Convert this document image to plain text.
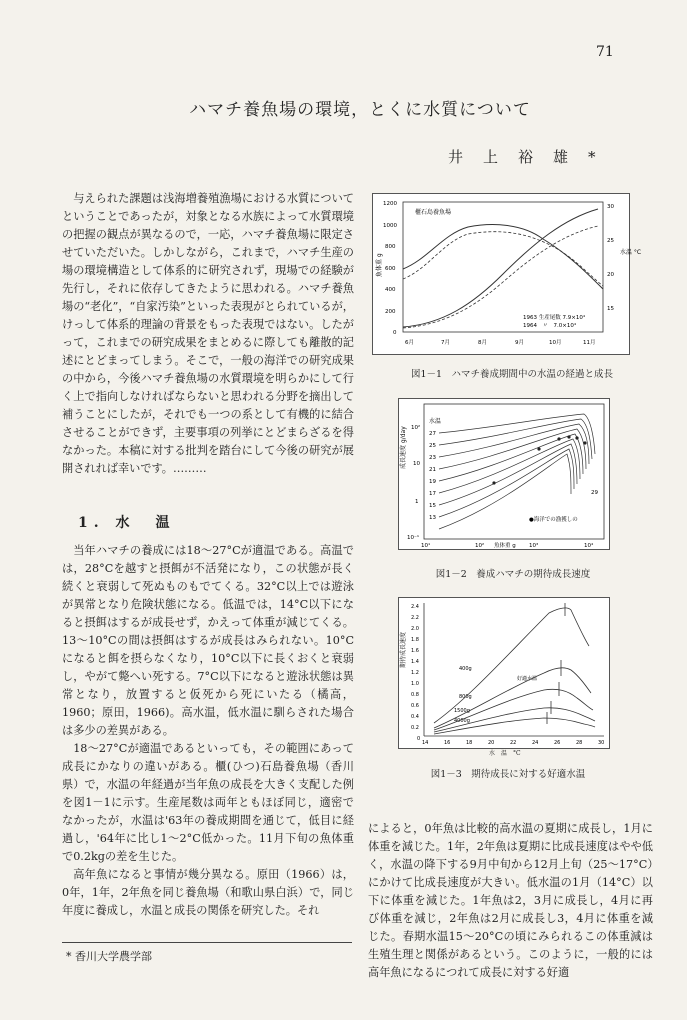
71
ハマチ養魚場の環境，とくに水質について
井上裕雄*

与えられた課題は浅海増養殖漁場における水質についてということであったが，対象となる水族によって水質環境の把握の観点が異なるので，一応，ハマチ養魚場に限定させていただいた。しかしながら，これまで，ハマチ生産の場の環境構造として体系的に研究されず，現場での経験が先行し，それに依存してきたように思われる。ハマチ養魚場の“老化”，“自家汚染”といった表現がとられているが，けっして体系的理論の背景をもった表現ではない。したがって，これまでの研究成果をまとめるに際しても離散的記述にとどまってしまう。そこで，一般の海洋での研究成果の中から，今後ハマチ養魚場の水質環境を明らかにして行く上で指向しなければならないと思われる分野を摘出して補うことにしたが，それでも一つの系として有機的に結合させることができず，主要事項の列挙にとどまらざるを得なかった。本稿に対する批判を踏台にして今後の研究が展開されれば幸いです。………

1. 水　温

当年ハマチの養成には18～27°Cが適温である。高温では，28°Cを越すと摂餌が不活発になり，この状態が長く続くと衰弱して死ぬものもでてくる。32°C以上では遊泳が異常となり危険状態になる。低温では，14°C以下になると摂餌はするが成長せず，かえって体重が減じてくる。13～10°Cの間は摂餌はするが成長はみられない。10°Cになると餌を摂らなくなり，10°C以下に長くおくと衰弱し，やがて斃へい死する。7°C以下になると遊泳状態は異常となり，放置すると仮死から死にいたる（橘高，1960；原田，1966)。高水温，低水温に馴らされた場合は多少の差異がある。

18～27°Cが適温であるといっても，その範囲にあって成長にかなりの違いがある。櫃(ひつ)石島養魚場（香川県）で，水温の年経過が当年魚の成長を大きく支配した例を図1－1に示す。生産尾数は両年ともほぼ同じ，適密でなかったが，水温は'63年の養成期間を通じて，低目に経過し，'64年に比し1～2°C低かった。11月下旬の魚体重で0.2kgの差を生じた。

高年魚になると事情が幾分異なる。原田（1966）は，0年，1年，2年魚を同じ養魚場（和歌山県白浜）で，同じ年度に養成し，水温と成長の関係を研究した。それ

* 香川大学農学部
櫃石島養魚場
魚体重 g
水温 °C
1200
1000
800
600
400
200
0
30
25
20
15
6月	7月	8月	9月	10月	11月
1963 生産尾数 7.9×10⁴
1964　〃　7.0×10⁴
図1－1　ハマチ養成期間中の水温の経過と成長
成長速度 g/day
水温
10²
10
1
10⁻¹
10¹	10²	10³	10⁴
魚体重 g
27
25
23
21
19
17
15
13
29
●海洋での漁獲しの
図1－2　養成ハマチの期待成長速度
期待成長速度
2.4
2.2
2.0
1.8
1.6
1.4
1.2
1.0
0.8
0.6
0.4
0.2
0
14	16	18	20	22	24	26	28	30
400g
好適水温
800g
1500g
4000g
水　温　°C
図1－3　期待成長に対する好適水温

によると，0年魚は比較的高水温の夏期に成長し，1月に体重を減じた。1年，2年魚は夏期に比成長速度はやや低く，水温の降下する9月中旬から12月上旬（25～17°C）にかけて比成長速度が大きい。低水温の1月（14°C）以下に体重を減じた。1年魚は2，3月に成長し，4月に再び体重を減じ，2年魚は2月に成長し3，4月に体重を減じた。春期水温15～20°Cの頃にみられるこの体重減は生殖生理と関係があるという。このように，一般的には高年魚になるにつれて成長に対する好適
